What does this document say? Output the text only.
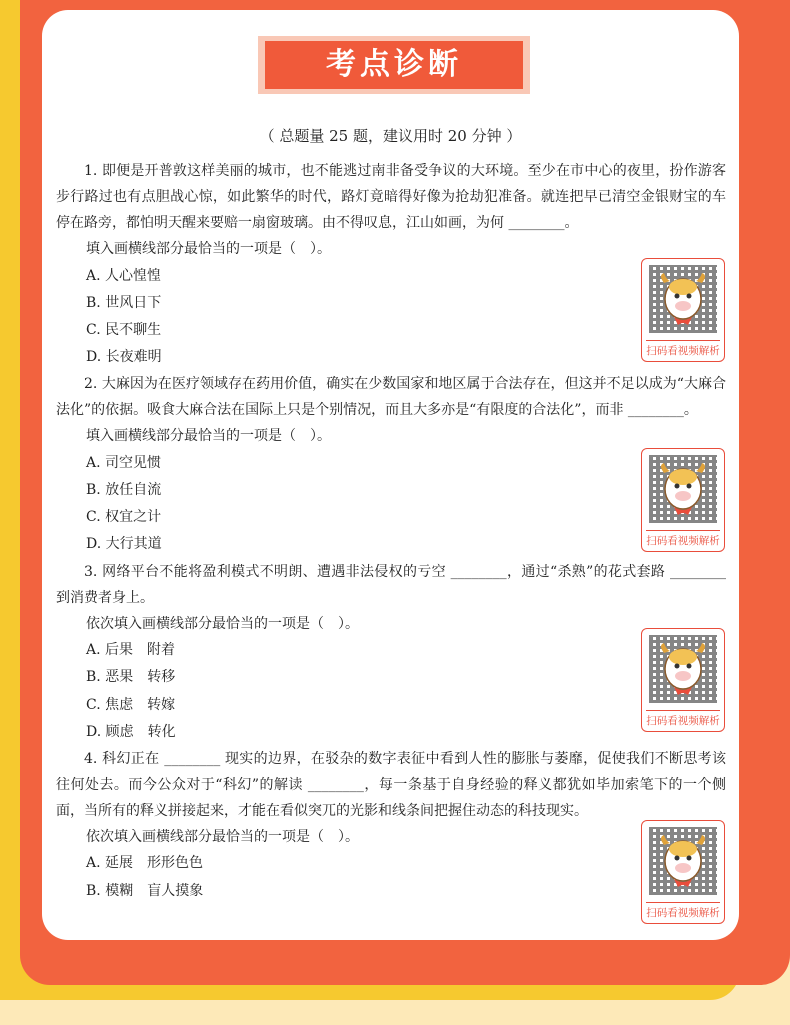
考点诊断
（ 总题量 25 题，建议用时 20 分钟 ）

1. 即便是开普敦这样美丽的城市，也不能逃过南非备受争议的大环境。至少在市中心的夜里，扮作游客步行路过也有点胆战心惊，如此繁华的时代，路灯竟暗得好像为抢劫犯准备。就连把早已清空金银财宝的车停在路旁，都怕明天醒来要赔一扇窗玻璃。由不得叹息，江山如画，为何 ________。

填入画横线部分最恰当的一项是（　）。

A. 人心惶惶

B. 世风日下

C. 民不聊生

D. 长夜难明

2. 大麻因为在医疗领域存在药用价值，确实在少数国家和地区属于合法存在，但这并不足以成为“大麻合法化”的依据。吸食大麻合法在国际上只是个别情况，而且大多亦是“有限度的合法化”，而非 ________。

填入画横线部分最恰当的一项是（　）。

A. 司空见惯

B. 放任自流

C. 权宜之计

D. 大行其道

3. 网络平台不能将盈利模式不明朗、遭遇非法侵权的亏空 ________，通过“杀熟”的花式套路 ________ 到消费者身上。

依次填入画横线部分最恰当的一项是（　）。

A. 后果　附着

B. 恶果　转移

C. 焦虑　转嫁

D. 顾虑　转化

4. 科幻正在 ________ 现实的边界，在驳杂的数字表征中看到人性的膨胀与萎靡，促使我们不断思考该往何处去。而今公众对于“科幻”的解读 ________，每一条基于自身经验的释义都犹如毕加索笔下的一个侧面，当所有的释义拼接起来，才能在看似突兀的光影和线条间把握住动态的科技现实。

依次填入画横线部分最恰当的一项是（　）。

A. 延展　形形色色

B. 模糊　盲人摸象

扫码看视频解析
扫码看视频解析
扫码看视频解析
扫码看视频解析
